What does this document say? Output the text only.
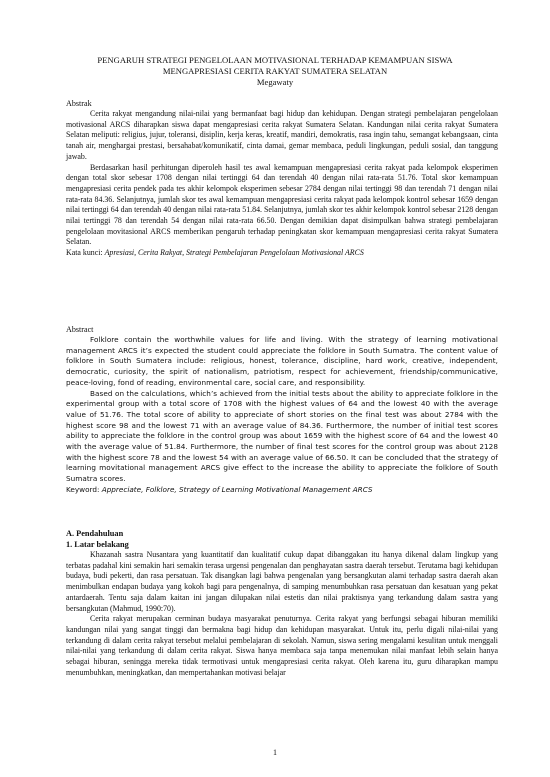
PENGARUH STRATEGI PENGELOLAAN MOTIVASIONAL TERHADAP KEMAMPUAN SISWA
MENGAPRESIASI CERITA RAKYAT SUMATERA SELATAN
Megawaty

Abstrak

Cerita rakyat mengandung nilai-nilai yang bermanfaat bagi hidup dan kehidupan. Dengan strategi pembelajaran pengelolaan motivasional ARCS diharapkan siswa dapat mengapresiasi cerita rakyat Sumatera Selatan. Kandungan nilai cerita rakyat Sumatera Selatan meliputi: religius, jujur, toleransi, disiplin, kerja keras, kreatif, mandiri, demokratis, rasa ingin tahu, semangat kebangsaan, cinta tanah air, menghargai prestasi, bersahabat/komunikatif, cinta damai, gemar membaca, peduli lingkungan, peduli sosial, dan tanggung jawab.

Berdasarkan hasil perhitungan diperoleh hasil tes awal kemampuan mengapresiasi cerita rakyat pada kelompok eksperimen dengan total skor sebesar 1708 dengan nilai tertinggi 64 dan terendah 40 dengan nilai rata-rata 51.76. Total skor kemampuan mengapresiasi cerita pendek pada tes akhir kelompok eksperimen sebesar 2784 dengan nilai tertinggi 98 dan terendah 71 dengan nilai rata-rata 84.36. Selanjutnya, jumlah skor tes awal kemampuan mengapresiasi cerita rakyat pada kelompok kontrol sebesar 1659 dengan nilai tertinggi 64 dan terendah 40 dengan nilai rata-rata 51.84. Selanjutnya, jumlah skor tes akhir kelompok kontrol sebesar 2128 dengan nilai tertinggi 78 dan terendah 54 dengan nilai rata-rata 66.50. Dengan demikian dapat disimpulkan bahwa strategi pembelajaran pengelolaan movitasional ARCS memberikan pengaruh terhadap peningkatan skor kemampuan mengapresiasi cerita rakyat Sumatera Selatan.

Kata kunci: Apresiasi, Cerita Rakyat, Strategi Pembelajaran Pengelolaan Motivasional ARCS

Abstract

Folklore contain the worthwhile values for life and living. With the strategy of learning motivational management ARCS it’s expected the student could appreciate the folklore in South Sumatra. The content value of folklore in South Sumatera include: religious, honest, tolerance, discipline, hard work, creative, independent, democratic, curiosity, the spirit of nationalism, patriotism, respect for achievement, friendship/communicative, peace-loving, fond of reading, environmental care, social care, and responsibility.

Based on the calculations, which’s achieved from the initial tests about the ability to appreciate folklore in the experimental group with a total score of 1708 with the highest values of 64 and the lowest 40 with the average value of 51.76. The total score of ability to appreciate of short stories on the final test was about 2784 with the highest score 98 and the lowest 71 with an average value of 84.36. Furthermore, the number of initial test scores ability to appreciate the folklore in the control group was about 1659 with the highest score of 64 and the lowest 40 with the average value of 51.84. Furthermore, the number of final test scores for the control group was about 2128 with the highest score 78 and the lowest 54 with an average value of 66.50. It can be concluded that the strategy of learning movitational management ARCS give effect to the increase the ability to appreciate the folklore of South Sumatra scores.

Keyword: Appreciate, Folklore, Strategy of Learning Motivational Management ARCS

A. Pendahuluan

1. Latar belakang

Khazanah sastra Nusantara yang kuantitatif dan kualitatif cukup dapat dibanggakan itu hanya dikenal dalam lingkup yang terbatas padahal kini semakin hari semakin terasa urgensi pengenalan dan penghayatan sastra daerah tersebut. Terutama bagi kehidupan budaya, budi pekerti, dan rasa persatuan. Tak disangkan lagi bahwa pengenalan yang bersangkutan alami terhadap sastra daerah akan menimbulkan endapan budaya yang kokoh bagi para pengenalnya, di samping menumbuhkan rasa persatuan dan kesatuan yang pekat antardaerah. Tentu saja dalam kaitan ini jangan dilupakan nilai estetis dan nilai praktisnya yang terkandung dalam sastra yang bersangkutan (Mahmud, 1990:70).

Cerita rakyat merupakan cerminan budaya masyarakat penuturnya. Cerita rakyat yang berfungsi sebagai hiburan memiliki kandungan nilai yang sangat tinggi dan bermakna bagi hidup dan kehidupan masyarakat. Untuk itu, perlu digali nilai-nilai yang terkandung di dalam cerita rakyat tersebut melalui pembelajaran di sekolah. Namun, siswa sering mengalami kesulitan untuk menggali nilai-nilai yang terkandung di dalam cerita rakyat. Siswa hanya membaca saja tanpa menemukan nilai manfaat lebih selain hanya sebagai hiburan, seningga mereka tidak termotivasi untuk mengapresiasi cerita rakyat. Oleh karena itu, guru diharapkan mampu menumbuhkan, meningkatkan, dan mempertahankan motivasi belajar

1
